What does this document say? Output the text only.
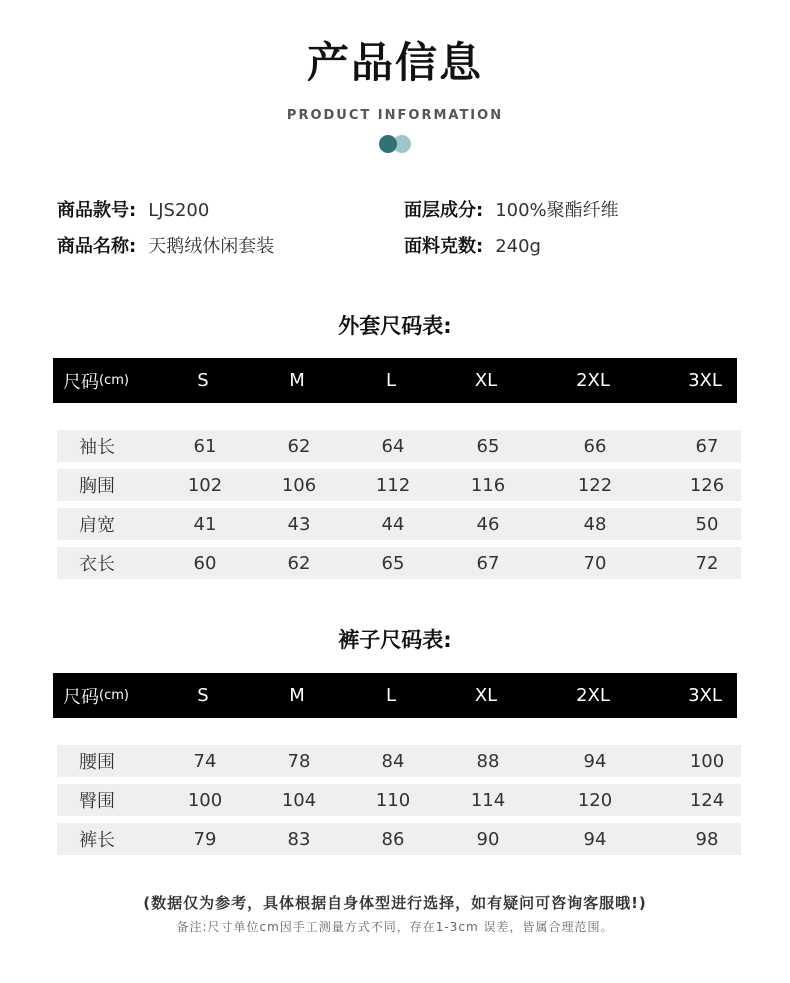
产品信息
PRODUCT INFORMATION
商品款号: LJS200
商品名称: 天鹅绒休闲套装
面层成分: 100%聚酯纤维
面料克数: 240g
外套尺码表:
尺码 (cm)	S	M	L	XL	2XL	3XL
袖长	61	62	64	65	66	67
胸围	102	106	112	116	122	126
肩宽	41	43	44	46	48	50
衣长	60	62	65	67	70	72
裤子尺码表:
尺码 (cm)	S	M	L	XL	2XL	3XL
腰围	74	78	84	88	94	100
臀围	100	104	110	114	120	124
裤长	79	83	86	90	94	98
(数据仅为参考，具体根据自身体型进行选择，如有疑问可咨询客服哦!)
备注:尺寸单位cm因手工测量方式不同，存在1-3cm 误差，皆属合理范围。
